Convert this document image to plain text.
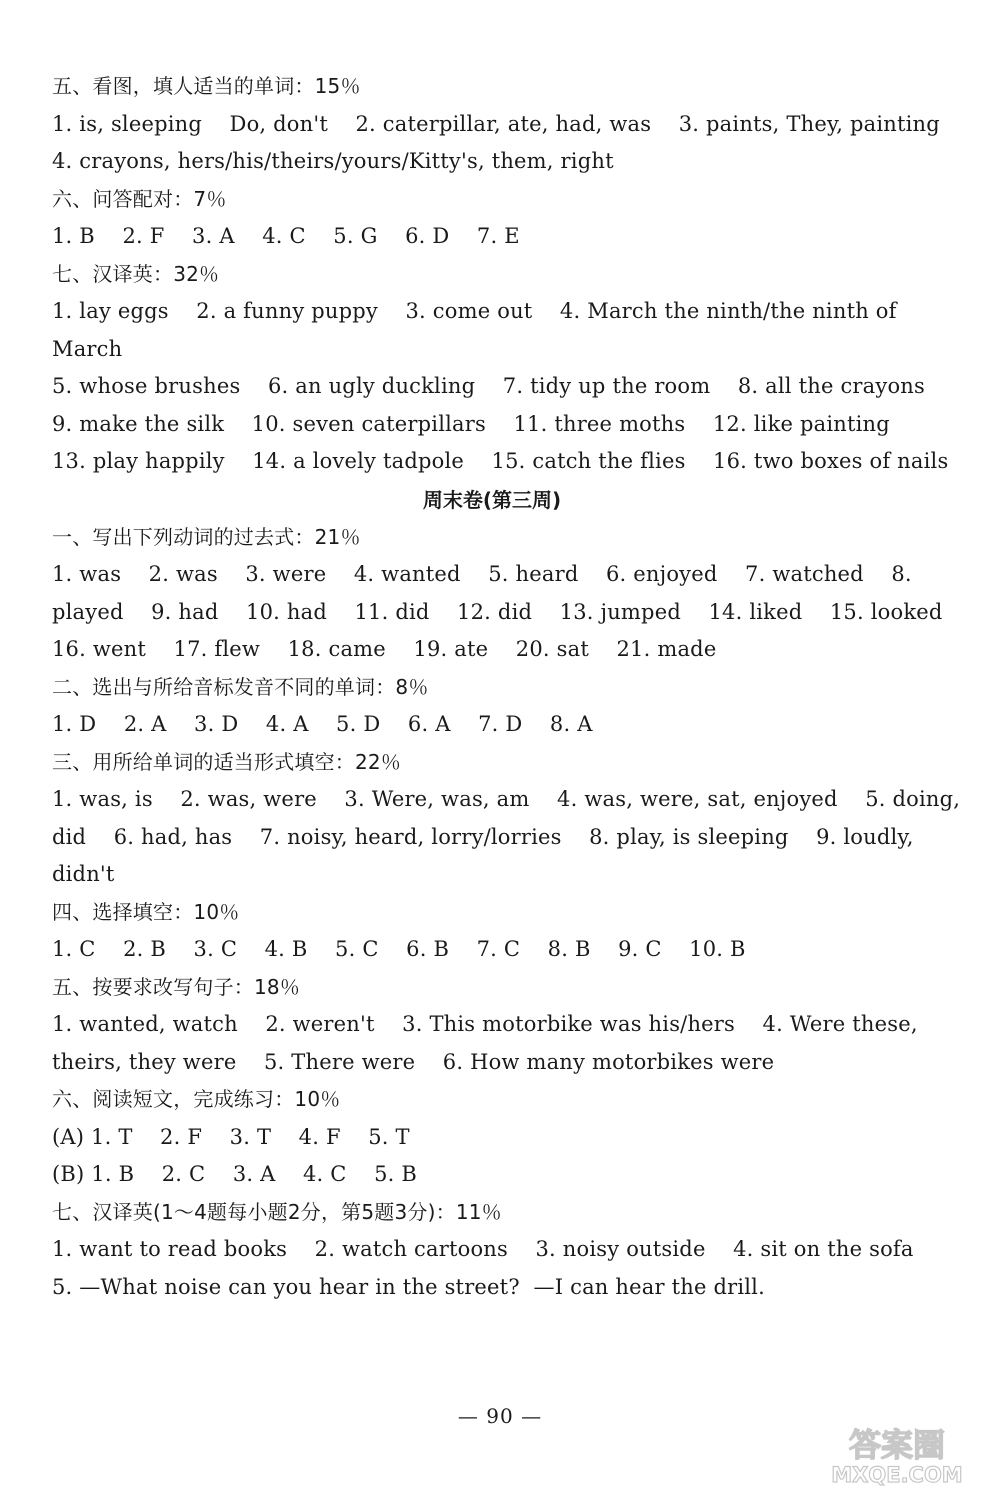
五、看图，填人适当的单词：15％
1. is, sleeping    Do, don't    2. caterpillar, ate, had, was    3. paints, They, painting
4. crayons, hers/his/theirs/yours/Kitty's, them, right
六、问答配对：7％
1. B    2. F    3. A    4. C    5. G    6. D    7. E
七、汉译英：32％
1. lay eggs    2. a funny puppy    3. come out    4. March the ninth/the ninth of
March
5. whose brushes    6. an ugly duckling    7. tidy up the room    8. all the crayons
9. make the silk    10. seven caterpillars    11. three moths    12. like painting
13. play happily    14. a lovely tadpole    15. catch the flies    16. two boxes of nails
周末卷(第三周)
一、写出下列动词的过去式：21％
1. was    2. was    3. were    4. wanted    5. heard    6. enjoyed    7. watched    8.
played    9. had    10. had    11. did    12. did    13. jumped    14. liked    15. looked
16. went    17. flew    18. came    19. ate    20. sat    21. made
二、选出与所给音标发音不同的单词：8％
1. D    2. A    3. D    4. A    5. D    6. A    7. D    8. A
三、用所给单词的适当形式填空：22％
1. was, is    2. was, were    3. Were, was, am    4. was, were, sat, enjoyed    5. doing,
did    6. had, has    7. noisy, heard, lorry/lorries    8. play, is sleeping    9. loudly,
didn't
四、选择填空：10％
1. C    2. B    3. C    4. B    5. C    6. B    7. C    8. B    9. C    10. B
五、按要求改写句子：18％
1. wanted, watch    2. weren't    3. This motorbike was his/hers    4. Were these,
theirs, they were    5. There were    6. How many motorbikes were
六、阅读短文，完成练习：10％
(A) 1. T    2. F    3. T    4. F    5. T
(B) 1. B    2. C    3. A    4. C    5. B
七、汉译英(1～4题每小题2分，第5题3分)：11％
1. want to read books    2. watch cartoons    3. noisy outside    4. sit on the sofa
5. —What noise can you hear in the street?  —I can hear the drill.
— 90 —
答案圈
MXQE.COM
